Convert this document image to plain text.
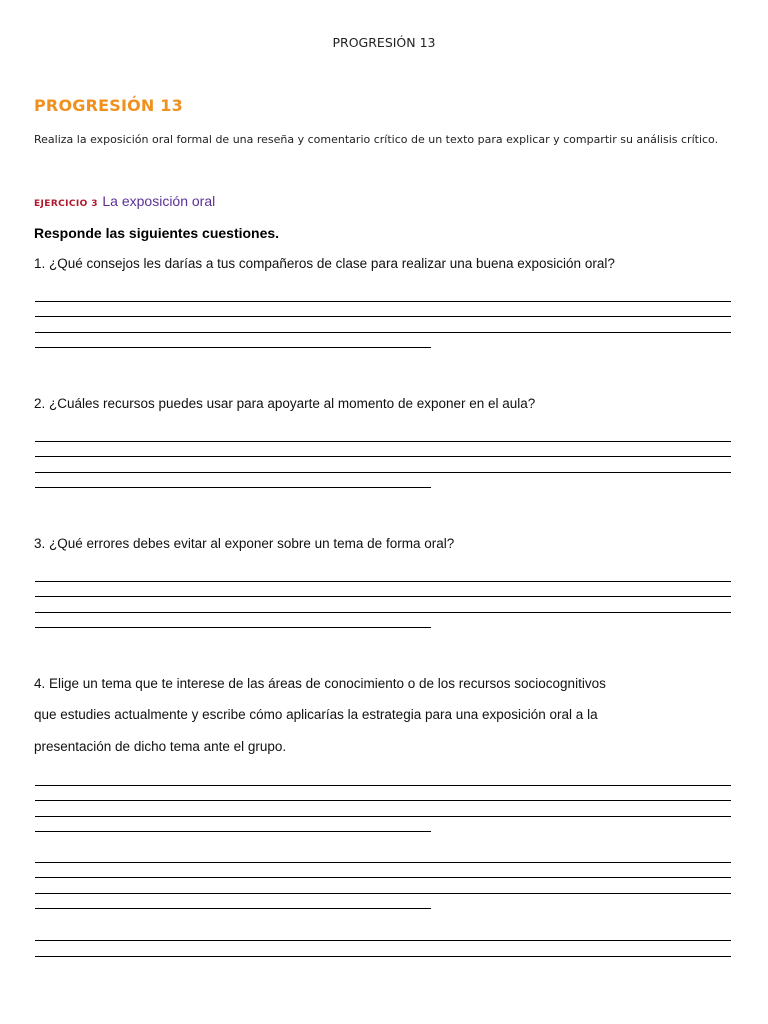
PROGRESIÓN 13
PROGRESIÓN 13
Realiza la exposición oral formal de una reseña y comentario crítico de un texto para explicar y compartir su análisis crítico.
EJERCICIO 3 La exposición oral
Responde las siguientes cuestiones.
1. ¿Qué consejos les darías a tus compañeros de clase para realizar una buena exposición oral?
2. ¿Cuáles recursos puedes usar para apoyarte al momento de exponer en el aula?
3. ¿Qué errores debes evitar al exponer sobre un tema de forma oral?
4. Elige un tema que te interese de las áreas de conocimiento o de los recursos sociocognitivos
que estudies actualmente y escribe cómo aplicarías la estrategia para una exposición oral a la
presentación de dicho tema ante el grupo.
